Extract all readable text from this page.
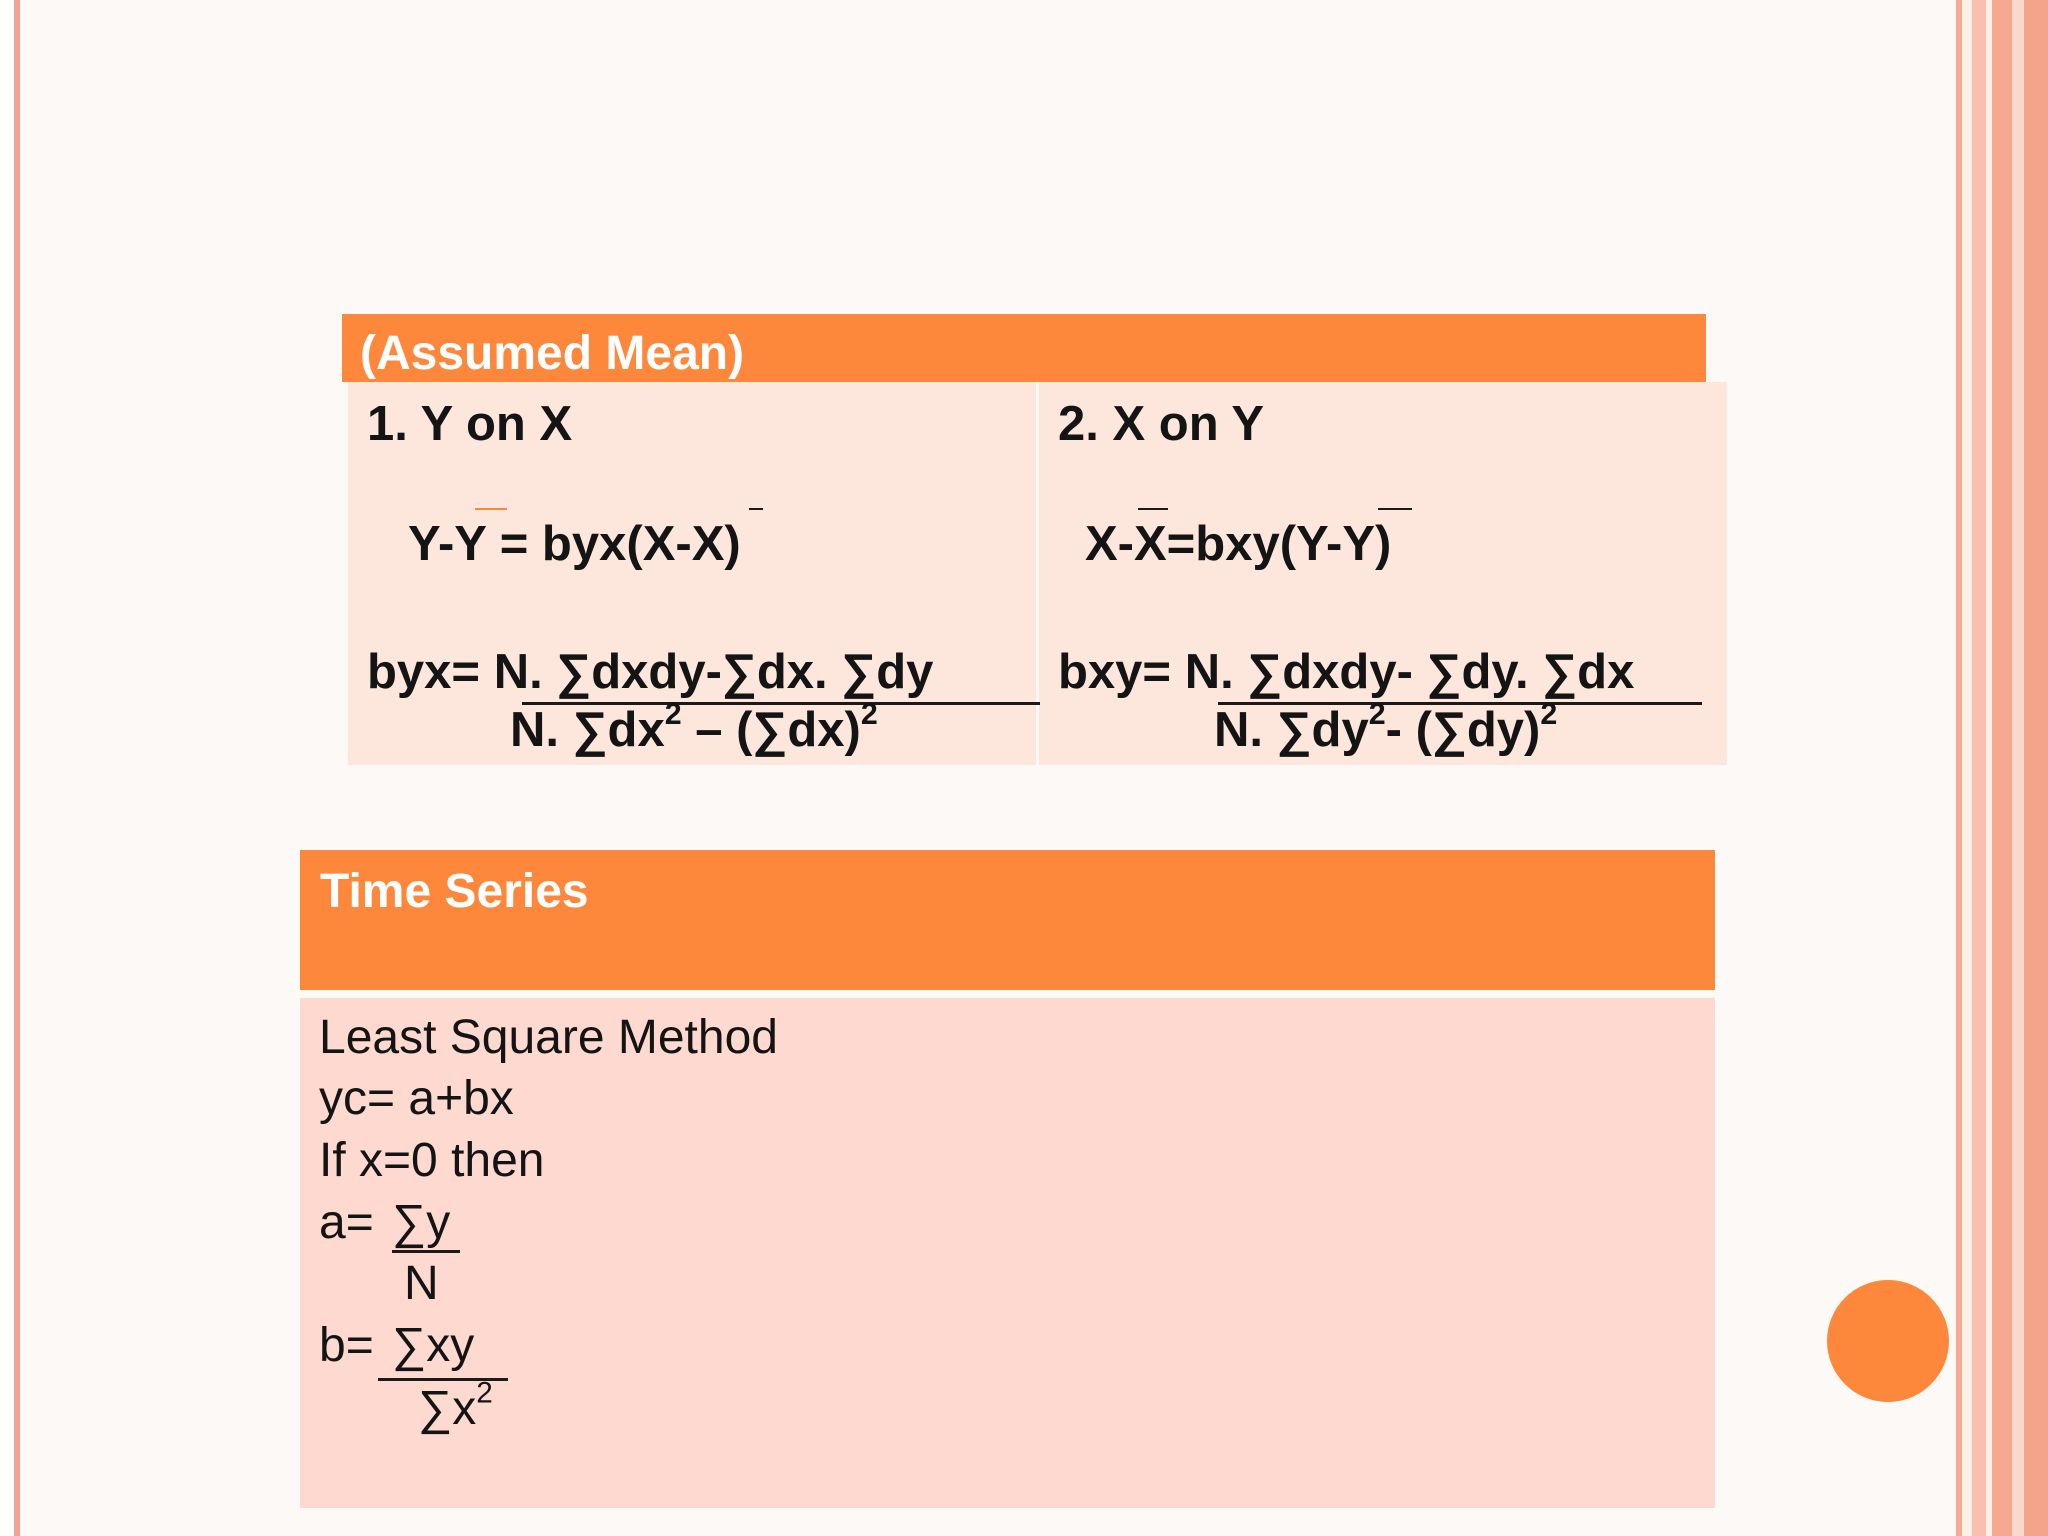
(Assumed Mean)
1. Y on X
Y-Y = byx(X-X)
byx= N. ∑dxdy-∑dx. ∑dy
N. $\sum dx^2 - (\sum dx)^2$
2. X on Y
X-X=bxy(Y-Y)
bxy= N. ∑dxdy- ∑dy. ∑dx
N. $\sum dy^2-$ $(\sum dy)^2$
Time Series
Least Square Method
yc= a+bx
If x=0 then
a= ∑y
N
b= ∑xy
$\sum x^2$
